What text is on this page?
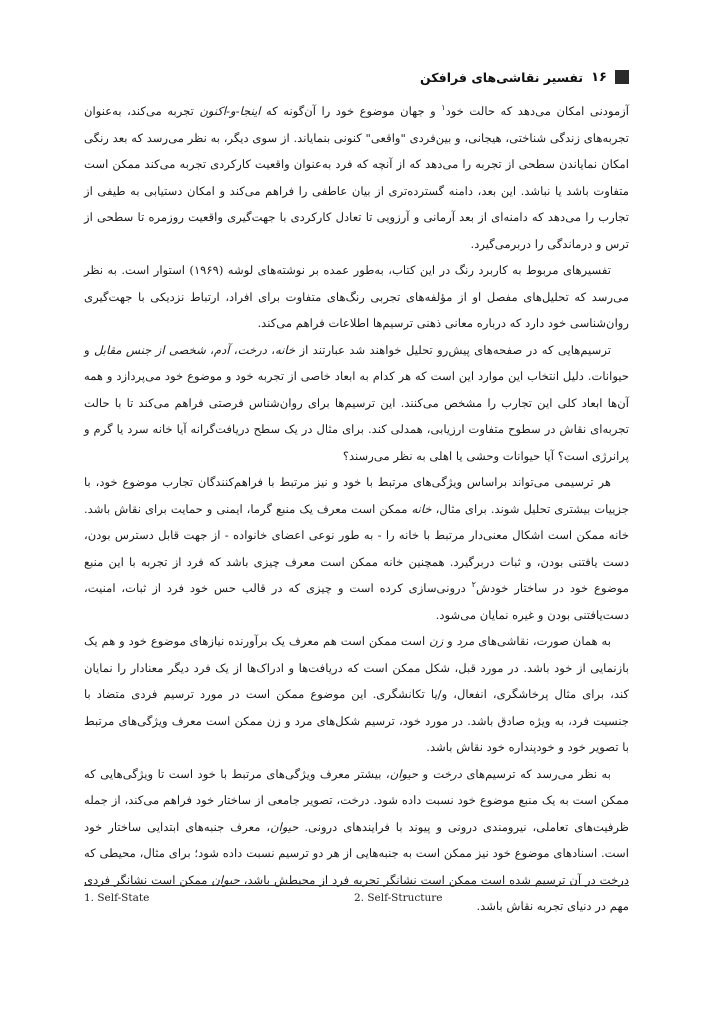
۱۶
تفسیر نقاشی‌های فرافکن

آزمودنی امکان می‌دهد که حالت خود$^۱$ و جهان موضوع خود را آن‌گونه که اینجا-و-اکنون تجربه می‌کند، به‌عنوان تجربه‌های زندگی شناختی، هیجانی، و بین‌فردی "واقعی" کنونی بنمایاند. از سوی دیگر، به نظر می‌رسد که بعد رنگی امکان نمایاندن سطحی از تجربه را می‌دهد که از آنچه که فرد به‌عنوان واقعیت کارکردی تجربه می‌کند ممکن است متفاوت باشد یا نباشد. این بعد، دامنه گسترده‌تری از بیان عاطفی را فراهم می‌کند و امکان دستیابی به طیفی از تجارب را می‌دهد که دامنه‌ای از بعد آرمانی و آرزویی تا تعادل کارکردی با جهت‌گیری واقعیت روزمره تا سطحی از ترس و درماندگی را دربرمی‌گیرد.

تفسیرهای مربوط به کاربرد رنگ در این کتاب، به‌طور عمده بر نوشته‌های لوشه (۱۹۶۹) استوار است. به نظر می‌رسد که تحلیل‌های مفصل او از مؤلفه‌های تجربی رنگ‌های متفاوت برای افراد، ارتباط نزدیکی با جهت‌گیری روان‌شناسی خود دارد که درباره معانی ذهنی ترسیم‌ها اطلاعات فراهم می‌کند.

ترسیم‌هایی که در صفحه‌های پیش‌رو تحلیل خواهند شد عبارتند از خانه، درخت، آدم، شخصی از جنس مقابل و حیوانات. دلیل انتخاب این موارد این است که هر کدام به ابعاد خاصی از تجربه خود و موضوع خود می‌پردازد و همه آن‌ها ابعاد کلی این تجارب را مشخص می‌کنند. این ترسیم‌ها برای روان‌شناس فرصتی فراهم می‌کند تا با حالت تجربه‌ای نقاش در سطوح متفاوت ارزیابی، همدلی کند. برای مثال در یک سطح دریافت‌گرانه آیا خانه سرد یا گرم و پرانرژی است؟ آیا حیوانات وحشی یا اهلی به نظر می‌رسند؟

هر ترسیمی می‌تواند براساس ویژگی‌های مرتبط با خود و نیز مرتبط با فراهم‌کنندگان تجارب موضوع خود، با جزییات بیشتری تحلیل شوند. برای مثال، خانه ممکن است معرف یک منبع گرما، ایمنی و حمایت برای نقاش باشد. خانه ممکن است اشکال معنی‌دار مرتبط با خانه را - به طور نوعی اعضای خانواده - از جهت قابل دسترس بودن، دست یافتنی بودن، و ثبات دربرگیرد. همچنین خانه ممکن است معرف چیزی باشد که فرد از تجربه با این منبع موضوع خود در ساختار خودش$^۲$ درونی‌سازی کرده است و چیزی که در قالب حس خود فرد از ثبات، امنیت، دست‌یافتنی بودن و غیره نمایان می‌شود.

به همان صورت، نقاشی‌های مرد و زن است ممکن است هم معرف یک برآورنده نیازهای موضوع خود و هم یک بازنمایی از خود باشد. در مورد قبل، شکل ممکن است که دریافت‌ها و ادراک‌ها از یک فرد دیگر معنادار را نمایان کند، برای مثال پرخاشگری، انفعال، و/یا تکانشگری. این موضوع ممکن است در مورد ترسیم فردی متضاد با جنسیت فرد، به ویژه صادق باشد. در مورد خود، ترسیم شکل‌های مرد و زن ممکن است معرف ویژگی‌های مرتبط با تصویر خود و خودپنداره خود نقاش باشد.

به نظر می‌رسد که ترسیم‌های درخت و حیوان، بیشتر معرف ویژگی‌های مرتبط با خود است تا ویژگی‌هایی که ممکن است به یک منبع موضوع خود نسبت داده شود. درخت، تصویر جامعی از ساختار خود فراهم می‌کند، از جمله ظرفیت‌های تعاملی، نیرومندی درونی و پیوند با فرایندهای درونی. حیوان، معرف جنبه‌های ابتدایی ساختار خود است. اسنادهای موضوع خود نیز ممکن است به جنبه‌هایی از هر دو ترسیم نسبت داده شود؛ برای مثال، محیطی که درخت در آن ترسیم شده است ممکن است نشانگر تجربه فرد از محیطش باشد، حیوان ممکن است نشانگر فردی مهم در دنیای تجربه نقاش باشد.

1. Self-State	2. Self-Structure
